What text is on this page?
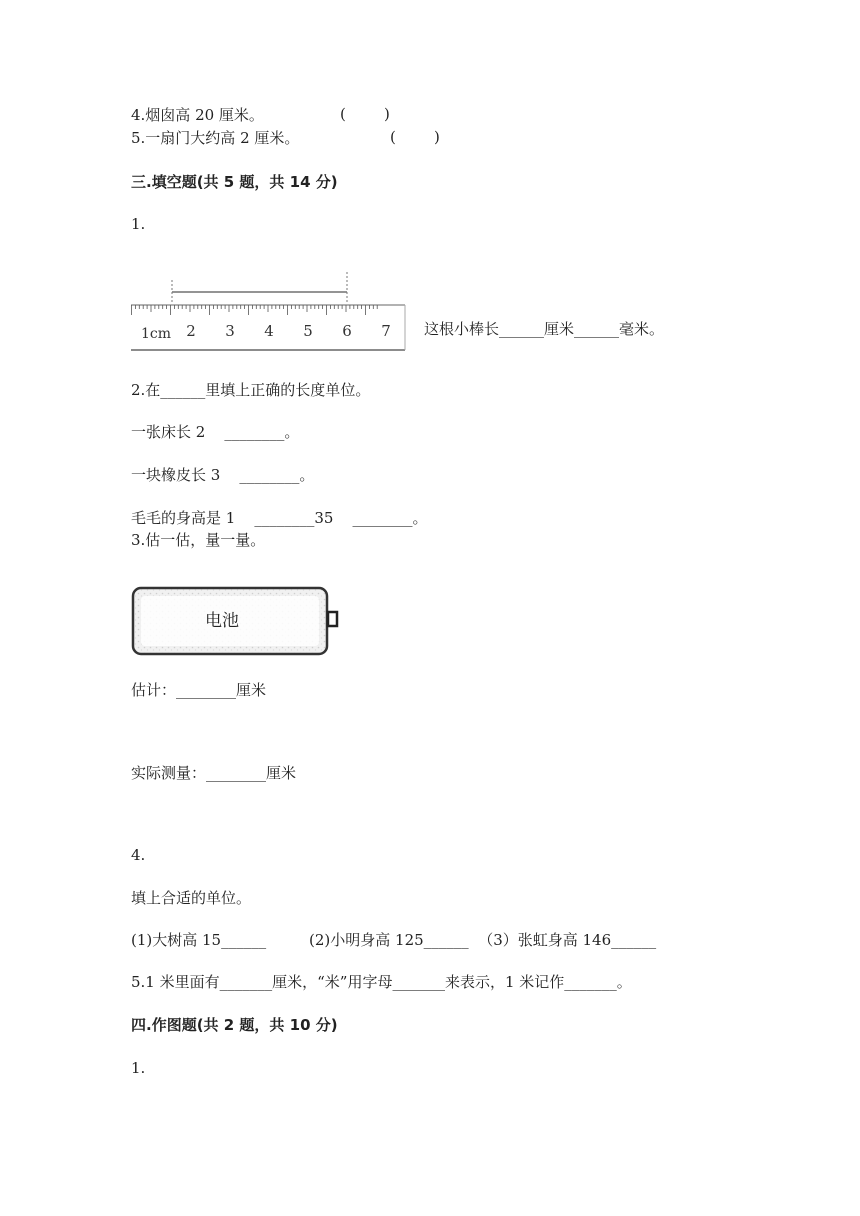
4.烟囱高 20 厘米。	(        )
5.一扇门大约高 2 厘米。	(        )
三.填空题(共 5 题，共 14 分)
1.
1cm 2 3 4 5 6 7 这根小棒长______厘米______毫米。
2.在______里填上正确的长度单位。
一张床长 2    ________。
一块橡皮长 3    ________。
毛毛的身高是 1    ________35    ________。
3.估一估，量一量。
电池
估计：________厘米
实际测量：________厘米
4.
填上合适的单位。
(1)大树高 15______         (2)小明身高 125______  （3）张虹身高 146______
5.1 米里面有_______厘米，“米”用字母_______来表示，1 米记作_______。
四.作图题(共 2 题，共 10 分)
1.
